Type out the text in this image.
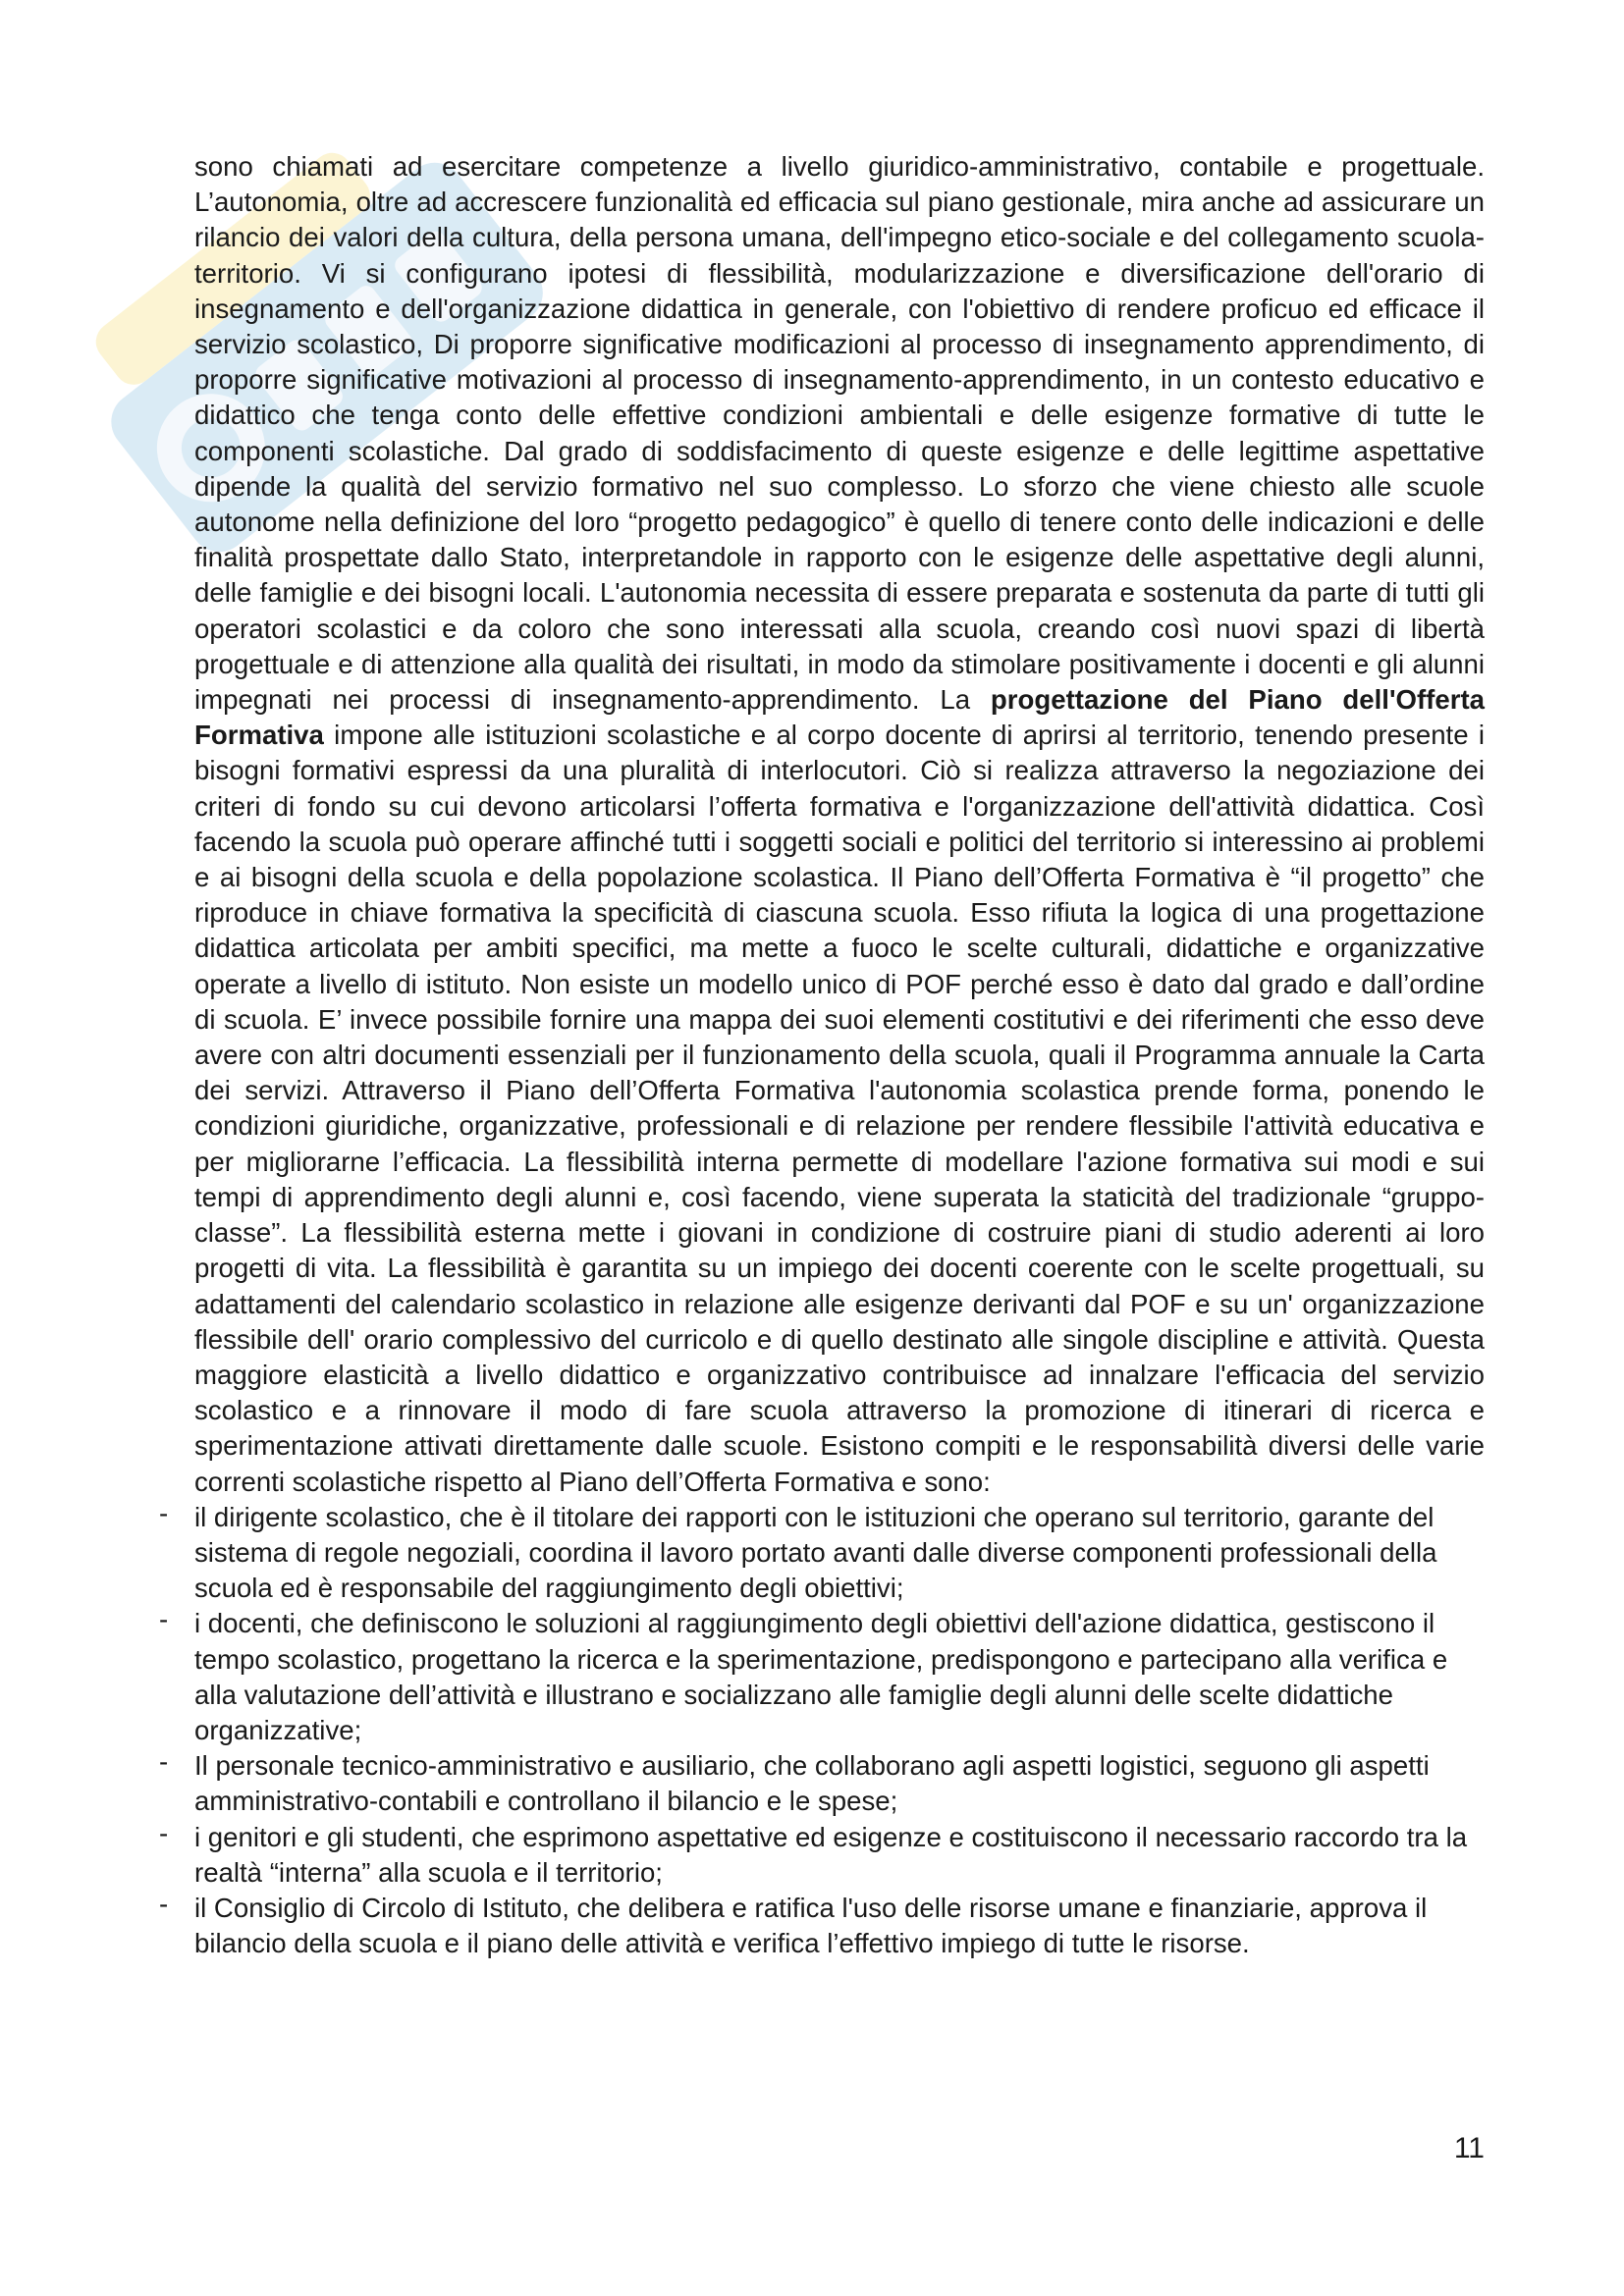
sono chiamati ad esercitare competenze a livello giuridico-amministrativo, contabile e progettuale. L’autonomia, oltre ad accrescere funzionalità ed efficacia sul piano gestionale, mira anche ad assicurare un rilancio dei valori della cultura, della persona umana, dell'impegno etico-sociale e del collegamento scuola-territorio. Vi si configurano ipotesi di flessibilità, modularizzazione e diversificazione dell'orario di insegnamento e dell'organizzazione didattica in generale, con l'obiettivo di rendere proficuo ed efficace il servizio scolastico, Di proporre significative modificazioni al processo di insegnamento apprendimento, di proporre significative motivazioni al processo di insegnamento-apprendimento, in un contesto educativo e didattico che tenga conto delle effettive condizioni ambientali e delle esigenze formative di tutte le componenti scolastiche. Dal grado di soddisfacimento di queste esigenze e delle legittime aspettative dipende la qualità del servizio formativo nel suo complesso. Lo sforzo che viene chiesto alle scuole autonome nella definizione del loro “progetto pedagogico” è quello di tenere conto delle indicazioni e delle finalità prospettate dallo Stato, interpretandole in rapporto con le esigenze delle aspettative degli alunni, delle famiglie e dei bisogni locali. L'autonomia necessita di essere preparata e sostenuta da parte di tutti gli operatori scolastici e da coloro che sono interessati alla scuola, creando così nuovi spazi di libertà progettuale e di attenzione alla qualità dei risultati, in modo da stimolare positivamente i docenti e gli alunni impegnati nei processi di insegnamento-apprendimento. La progettazione del Piano dell'Offerta Formativa impone alle istituzioni scolastiche e al corpo docente di aprirsi al territorio, tenendo presente i bisogni formativi espressi da una pluralità di interlocutori. Ciò si realizza attraverso la negoziazione dei criteri di fondo su cui devono articolarsi l’offerta formativa e l'organizzazione dell'attività didattica. Così facendo la scuola può operare affinché tutti i soggetti sociali e politici del territorio si interessino ai problemi e ai bisogni della scuola e della popolazione scolastica. Il Piano dell’Offerta Formativa è “il progetto” che riproduce in chiave formativa la specificità di ciascuna scuola. Esso rifiuta la logica di una progettazione didattica articolata per ambiti specifici, ma mette a fuoco le scelte culturali, didattiche e organizzative operate a livello di istituto. Non esiste un modello unico di POF perché esso è dato dal grado e dall’ordine di scuola. E’ invece possibile fornire una mappa dei suoi elementi costitutivi e dei riferimenti che esso deve avere con altri documenti essenziali per il funzionamento della scuola, quali il Programma annuale la Carta dei servizi. Attraverso il Piano dell’Offerta Formativa l'autonomia scolastica prende forma, ponendo le condizioni giuridiche, organizzative, professionali e di relazione per rendere flessibile l'attività educativa e per migliorarne l’efficacia. La flessibilità interna permette di modellare l'azione formativa sui modi e sui tempi di apprendimento degli alunni e, così facendo, viene superata la staticità del tradizionale “gruppo-classe”. La flessibilità esterna mette i giovani in condizione di costruire piani di studio aderenti ai loro progetti di vita. La flessibilità è garantita su un impiego dei docenti coerente con le scelte progettuali, su adattamenti del calendario scolastico in relazione alle esigenze derivanti dal POF e su un' organizzazione flessibile dell' orario complessivo del curricolo e di quello destinato alle singole discipline e attività. Questa maggiore elasticità a livello didattico e organizzativo contribuisce ad innalzare l'efficacia del servizio scolastico e a rinnovare il modo di fare scuola attraverso la promozione di itinerari di ricerca e sperimentazione attivati direttamente dalle scuole. Esistono compiti e le responsabilità diversi delle varie correnti scolastiche rispetto al Piano dell’Offerta Formativa e sono:

- il dirigente scolastico, che è il titolare dei rapporti con le istituzioni che operano sul territorio, garante del sistema di regole negoziali, coordina il lavoro portato avanti dalle diverse componenti professionali della scuola ed è responsabile del raggiungimento degli obiettivi;
- i docenti, che definiscono le soluzioni al raggiungimento degli obiettivi dell'azione didattica, gestiscono il tempo scolastico, progettano la ricerca e la sperimentazione, predispongono e partecipano alla verifica e alla valutazione dell’attività e illustrano e socializzano alle famiglie degli alunni delle scelte didattiche organizzative;
- Il personale tecnico-amministrativo e ausiliario, che collaborano agli aspetti logistici, seguono gli aspetti amministrativo-contabili e controllano il bilancio e le spese;
- i genitori e gli studenti, che esprimono aspettative ed esigenze e costituiscono il necessario raccordo tra la realtà “interna” alla scuola e il territorio;
- il Consiglio di Circolo di Istituto, che delibera e ratifica l'uso delle risorse umane e finanziarie, approva il bilancio della scuola e il piano delle attività e verifica l’effettivo impiego di tutte le risorse.
11
